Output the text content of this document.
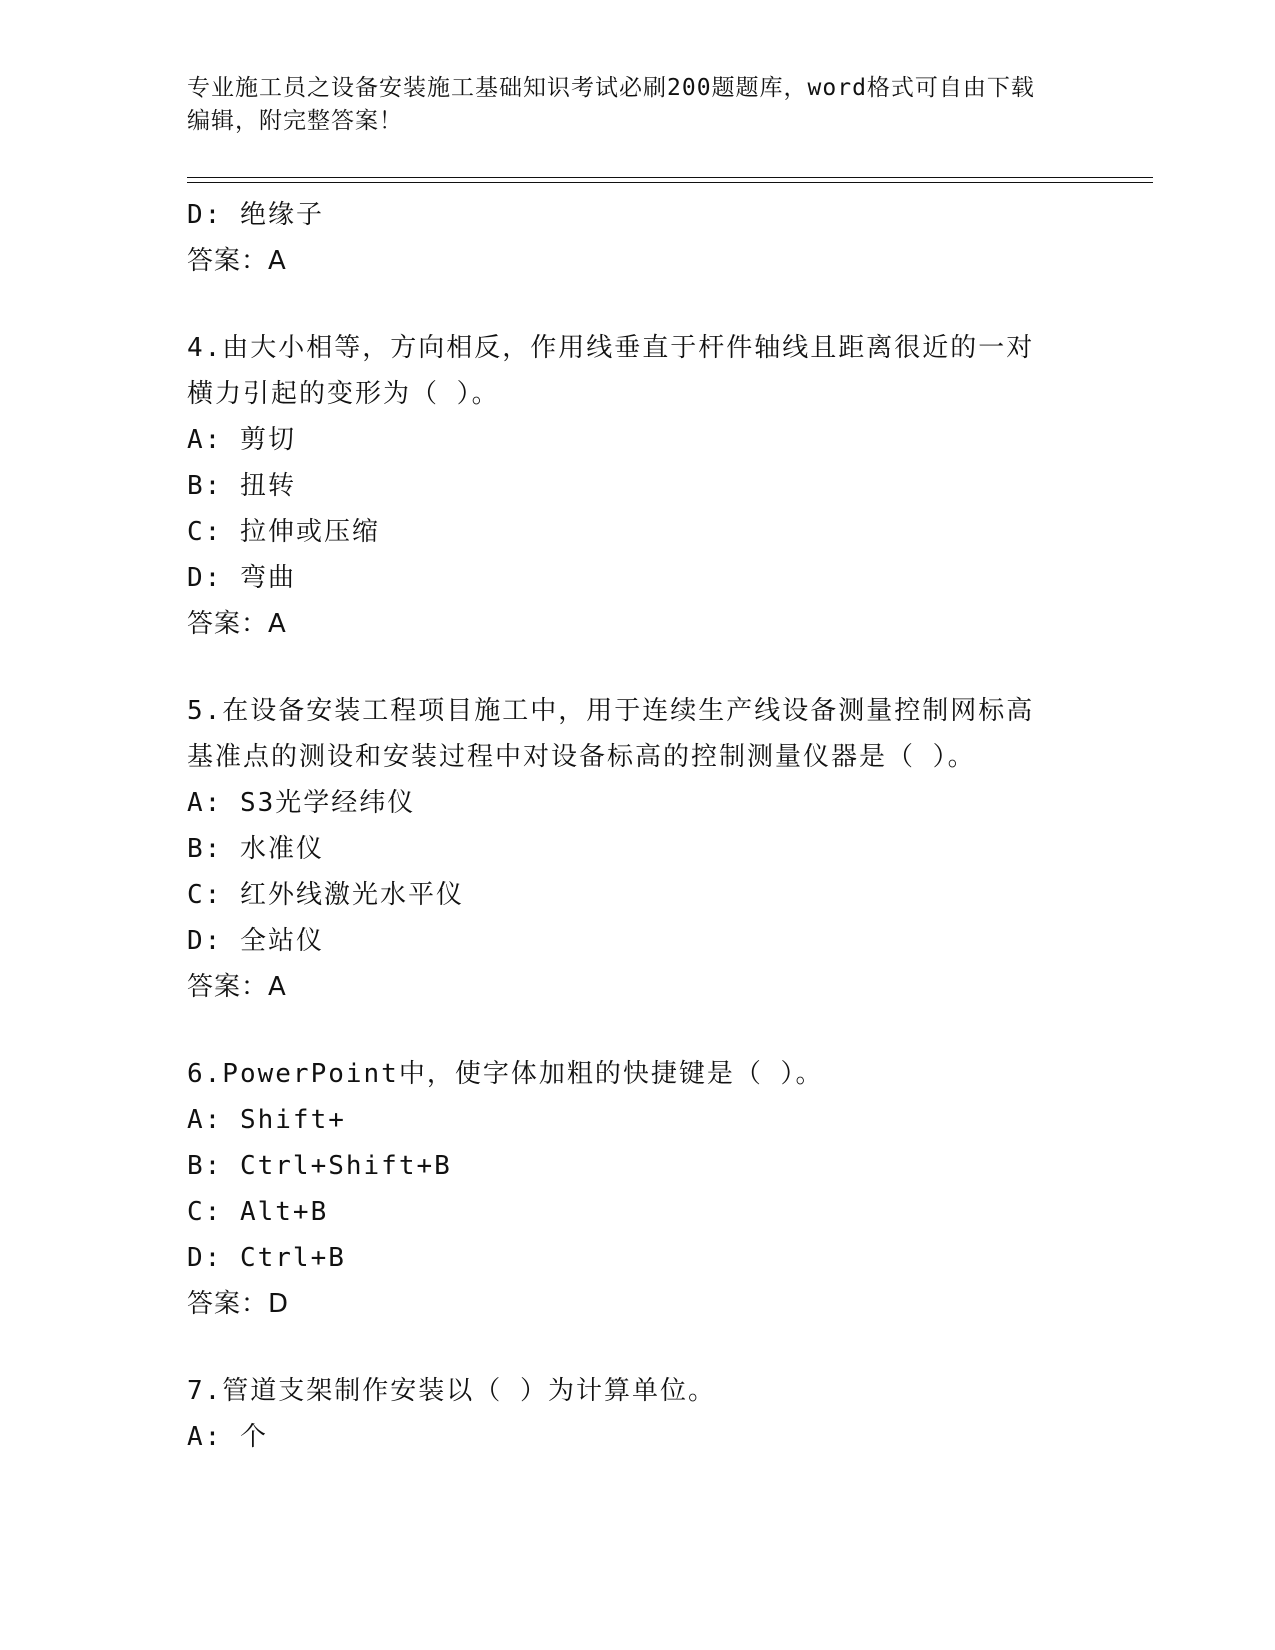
专业施工员之设备安装施工基础知识考试必刷200题题库，word格式可自由下载
编辑，附完整答案！
D: 绝缘子
答案：A
4.由大小相等，方向相反，作用线垂直于杆件轴线且距离很近的一对
横力引起的变形为（ ）。
A: 剪切
B: 扭转
C: 拉伸或压缩
D: 弯曲
答案：A
5.在设备安装工程项目施工中，用于连续生产线设备测量控制网标高
基准点的测设和安装过程中对设备标高的控制测量仪器是（ ）。
A: S3光学经纬仪
B: 水准仪
C: 红外线激光水平仪
D: 全站仪
答案：A
6.PowerPoint中，使字体加粗的快捷键是（ ）。
A: Shift+
B: Ctrl+Shift+B
C: Alt+B
D: Ctrl+B
答案：D
7.管道支架制作安装以（ ）为计算单位。
A: 个
